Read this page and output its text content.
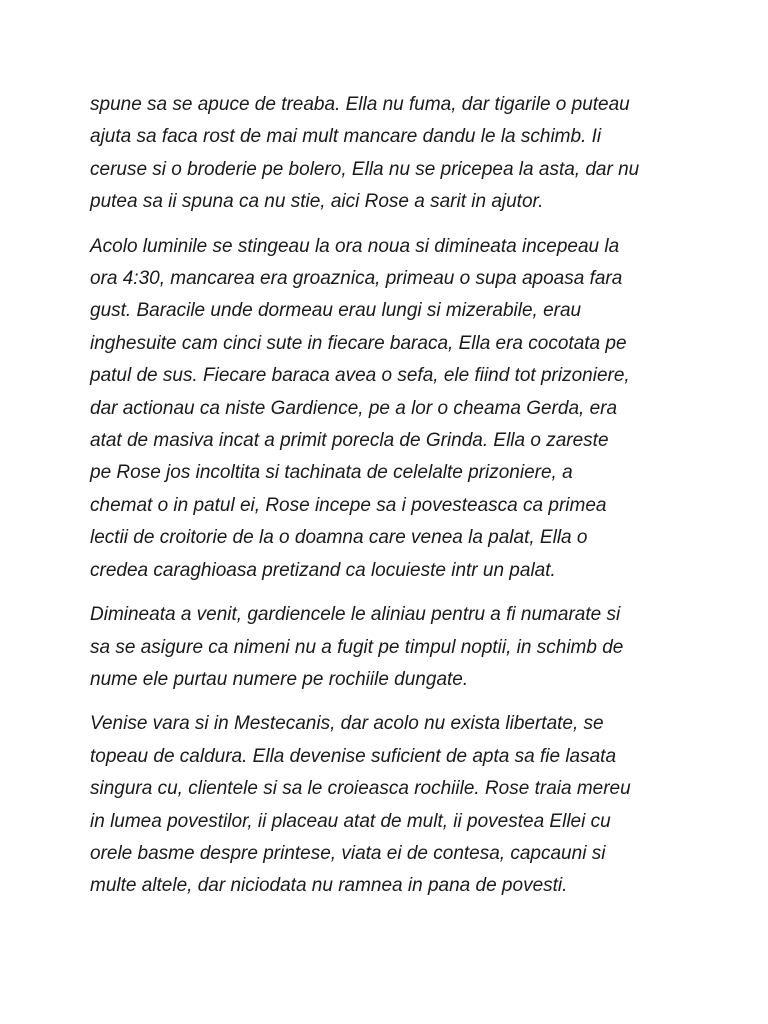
spune sa se apuce de treaba. Ella nu fuma, dar tigarile o puteau
ajuta sa faca rost de mai mult mancare dandu le la schimb. Ii
ceruse si o broderie pe bolero, Ella nu se pricepea la asta, dar nu
putea sa ii spuna ca nu stie, aici Rose a sarit in ajutor.

Acolo luminile se stingeau la ora noua si dimineata incepeau la
ora 4:30, mancarea era groaznica, primeau o supa apoasa fara
gust. Baracile unde dormeau erau lungi si mizerabile, erau
inghesuite cam cinci sute in fiecare baraca, Ella era cocotata pe
patul de sus. Fiecare baraca avea o sefa, ele fiind tot prizoniere,
dar actionau ca niste Gardience, pe a lor o cheama Gerda, era
atat de masiva incat a primit porecla de Grinda. Ella o zareste
pe Rose jos incoltita si tachinata de celelalte prizoniere, a
chemat o in patul ei, Rose incepe sa i povesteasca ca primea
lectii de croitorie de la o doamna care venea la palat, Ella o
credea caraghioasa pretizand ca locuieste intr un palat.

Dimineata a venit, gardiencele le aliniau pentru a fi numarate si
sa se asigure ca nimeni nu a fugit pe timpul noptii, in schimb de
nume ele purtau numere pe rochiile dungate.

Venise vara si in Mestecanis, dar acolo nu exista libertate, se
topeau de caldura. Ella devenise suficient de apta sa fie lasata
singura cu, clientele si sa le croieasca rochiile. Rose traia mereu
in lumea povestilor, ii placeau atat de mult, ii povestea Ellei cu
orele basme despre printese, viata ei de contesa, capcauni si
multe altele, dar niciodata nu ramnea in pana de povesti.
